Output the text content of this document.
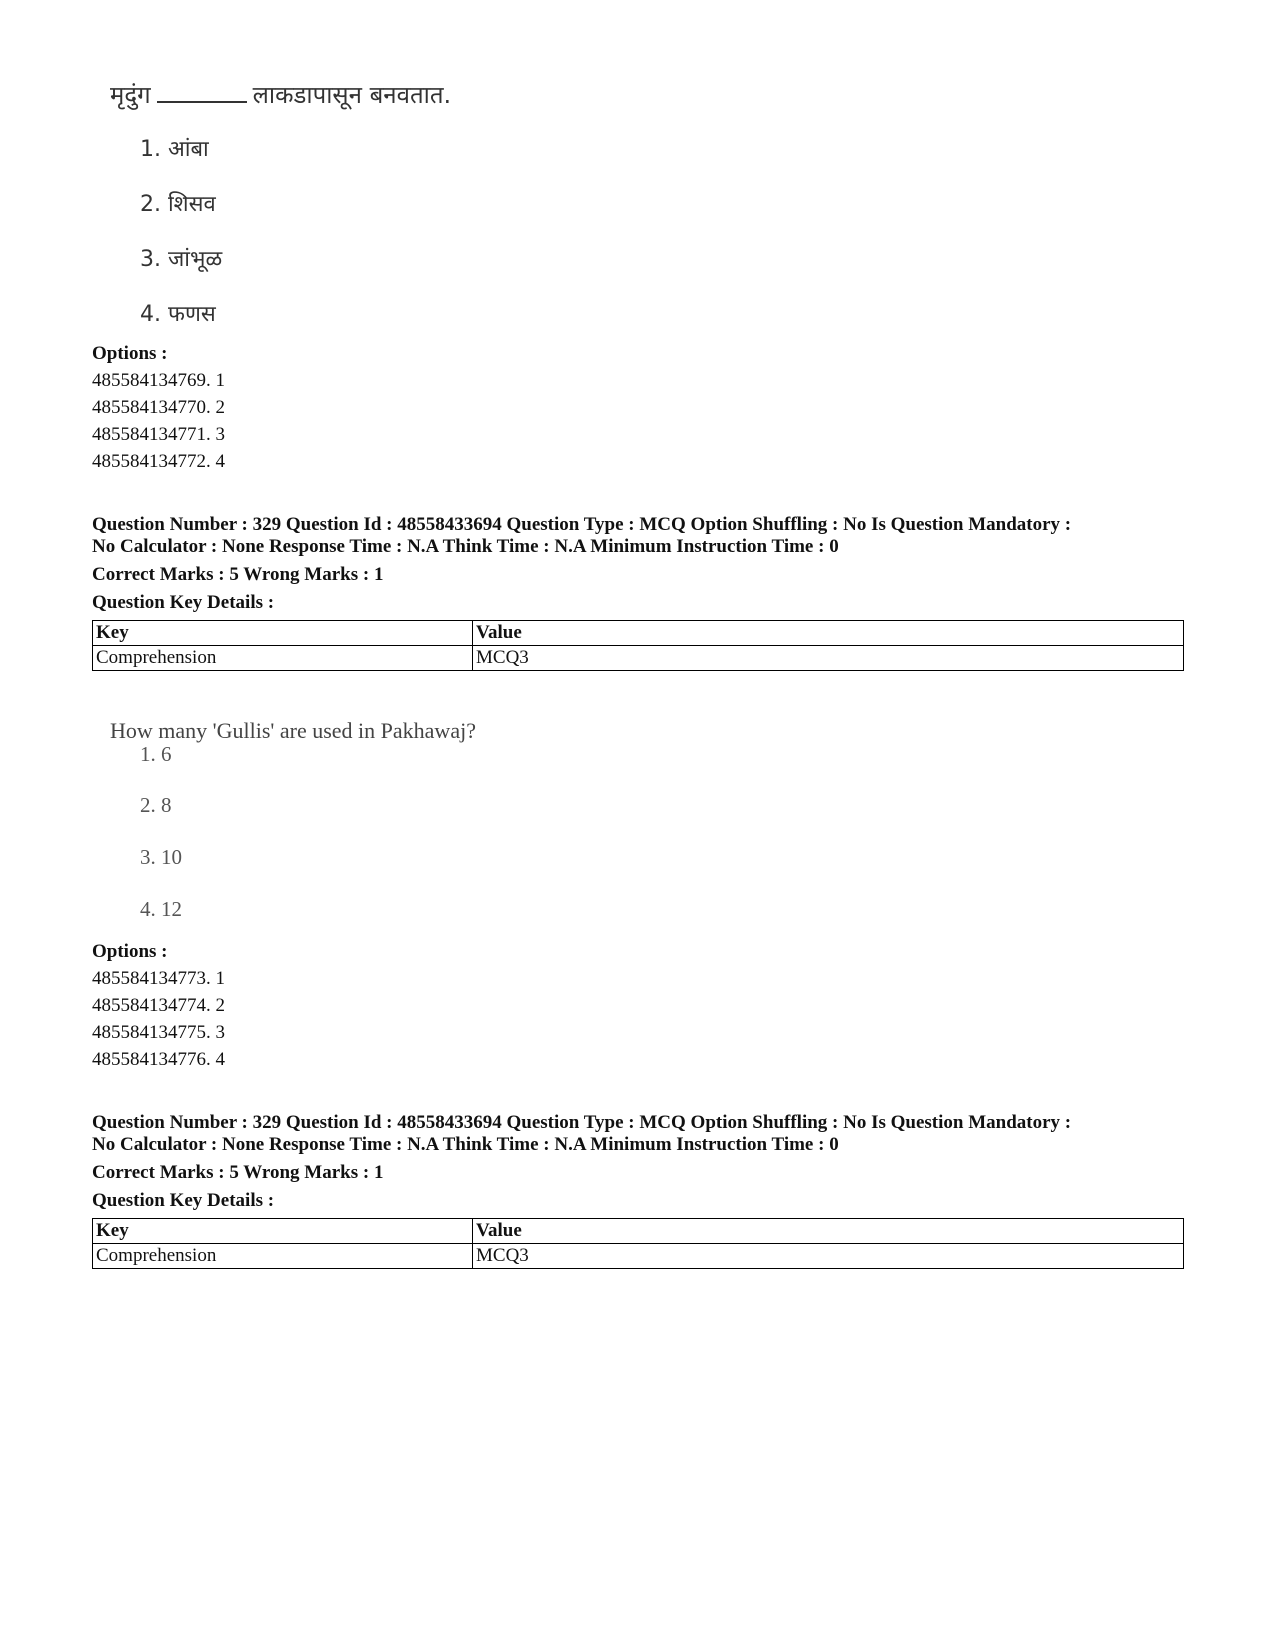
मृदुंग	लाकडापासून बनवतात.
1. आंबा
2. शिसव
3. जांभूळ
4. फणस
Options :
485584134769. 1
485584134770. 2
485584134771. 3
485584134772. 4
Question Number : 329 Question Id : 48558433694 Question Type : MCQ Option Shuffling : No Is Question Mandatory :
No Calculator : None Response Time : N.A Think Time : N.A Minimum Instruction Time : 0
Correct Marks : 5 Wrong Marks : 1
Question Key Details :
Key	Value
Comprehension	MCQ3
How many 'Gullis' are used in Pakhawaj?
1. 6
2. 8
3. 10
4. 12
Options :
485584134773. 1
485584134774. 2
485584134775. 3
485584134776. 4
Question Number : 329 Question Id : 48558433694 Question Type : MCQ Option Shuffling : No Is Question Mandatory :
No Calculator : None Response Time : N.A Think Time : N.A Minimum Instruction Time : 0
Correct Marks : 5 Wrong Marks : 1
Question Key Details :
Key	Value
Comprehension	MCQ3
